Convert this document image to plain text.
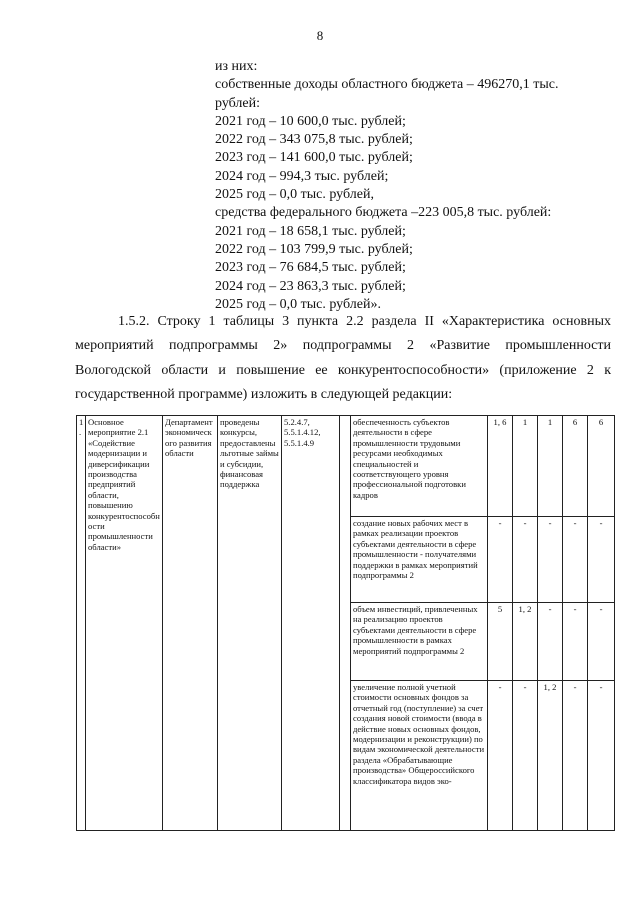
8
из них:
собственные доходы областного бюджета – 496270,1 тыс.
рублей:
2021 год – 10 600,0 тыс. рублей;
2022 год – 343 075,8 тыс. рублей;
2023 год – 141 600,0 тыс. рублей;
2024 год – 994,3 тыс. рублей;
2025 год – 0,0 тыс. рублей,
средства федерального бюджета –223 005,8 тыс. рублей:
2021 год – 18 658,1 тыс. рублей;
2022 год – 103 799,9 тыс. рублей;
2023 год – 76 684,5 тыс. рублей;
2024 год – 23 863,3 тыс. рублей;
2025 год – 0,0 тыс. рублей».
1.5.2. Строку 1 таблицы 3 пункта 2.2 раздела II «Характеристика основных мероприятий подпрограммы 2» подпрограммы 2 «Развитие промышленности Вологодской области и повышение ее конкурентоспособности» (приложение 2 к государственной программе) изложить в следующей редакции:
1.	Основное мероприятие 2.1 «Содействие модернизации и диверсификации производства предприятий области, повышению конкурентоспособности промышленности области»	Департамент экономического развития области	проведены конкурсы, предоставлены льготные займы и субсидии, финансовая поддержка	5.2.4.7, 5.5.1.4.12, 5.5.1.4.9		обеспеченность субъектов деятельности в сфере промышленности трудовыми ресурсами необходимых специальностей и соответствующего уровня профессиональной подготовки кадров	1, 6	1	1	6	6
						создание новых рабочих мест в рамках реализации проектов субъектами деятельности в сфере промышленности - получателями поддержки в рамках мероприятий подпрограммы 2	-	-	-	-	-
						объем инвестиций, привлеченных на реализацию проектов субъектами деятельности в сфере промышленности в рамках мероприятий подпрограммы 2	5	1, 2	-	-	-
						увеличение полной учетной стоимости основных фондов за отчетный год (поступление) за счет создания новой стоимости (ввода в действие новых основных фондов, модернизации и реконструкции) по видам экономической деятельности раздела «Обрабатывающие производства» Общероссийского классификатора видов эко-	-	-	1, 2	-	-
